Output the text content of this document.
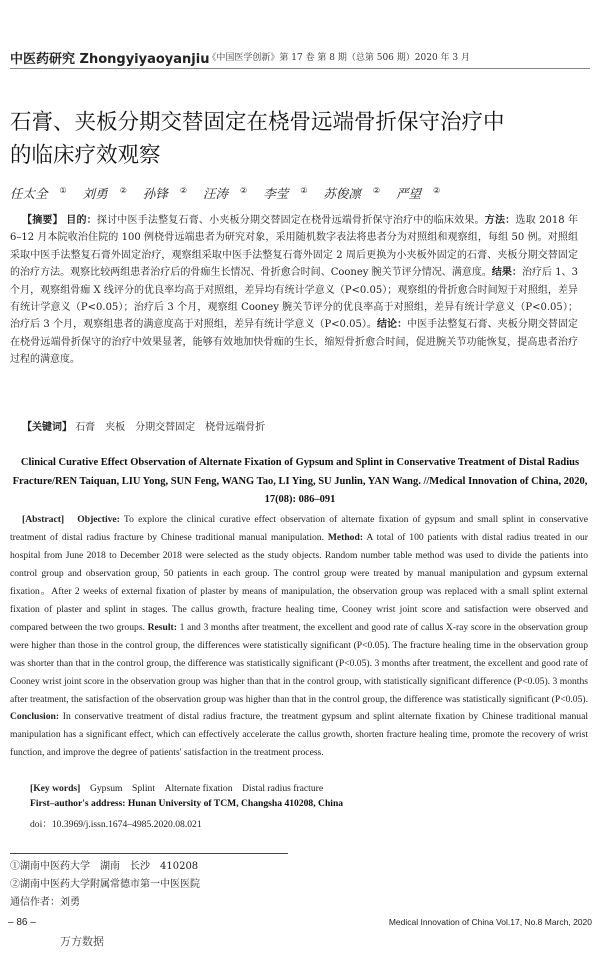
中医药研究 Zhongyiyaoyanjiu
《中国医学创新》第 17 卷 第 8 期（总第 506 期）2020 年 3 月
石膏、夹板分期交替固定在桡骨远端骨折保守治疗中的临床疗效观察
任太全 ① 刘勇 ② 孙锋 ② 汪涛 ② 李莹 ② 苏俊凛 ② 严望 ②
【摘要】 目的：探讨中医手法整复石膏、小夹板分期交替固定在桡骨远端骨折保守治疗中的临床效果。方法：选取 2018 年 6–12 月本院收治住院的 100 例桡骨远端患者为研究对象，采用随机数字表法将患者分为对照组和观察组，每组 50 例。对照组采取中医手法整复石膏外固定治疗，观察组采取中医手法整复石膏外固定 2 周后更换为小夹板外固定的石膏、夹板分期交替固定的治疗方法。观察比较两组患者治疗后的骨痂生长情况、骨折愈合时间、Cooney 腕关节评分情况、满意度。结果：治疗后 1、3 个月，观察组骨痂 X 线评分的优良率均高于对照组，差异均有统计学意义（P<0.05）；观察组的骨折愈合时间短于对照组，差异有统计学意义（P<0.05）；治疗后 3 个月，观察组 Cooney 腕关节评分的优良率高于对照组，差异有统计学意义（P<0.05）；治疗后 3 个月，观察组患者的满意度高于对照组，差异有统计学意义（P<0.05）。结论：中医手法整复石膏、夹板分期交替固定在桡骨远端骨折保守的治疗中效果显著，能够有效地加快骨痂的生长，缩短骨折愈合时间，促进腕关节功能恢复，提高患者治疗过程的满意度。
【关键词】 石膏　夹板　分期交替固定　桡骨远端骨折
Clinical Curative Effect Observation of Alternate Fixation of Gypsum and Splint in Conservative Treatment of Distal Radius Fracture/REN Taiquan, LIU Yong, SUN Feng, WANG Tao, LI Ying, SU Junlin, YAN Wang. //Medical Innovation of China, 2020, 17(08): 086–091
[Abstract]　 Objective: To explore the clinical curative effect observation of alternate fixation of gypsum and small splint in conservative treatment of distal radius fracture by Chinese traditional manual manipulation. Method: A total of 100 patients with distal radius treated in our hospital from June 2018 to December 2018 were selected as the study objects. Random number table method was used to divide the patients into control group and observation group, 50 patients in each group. The control group were treated by manual manipulation and gypsum external fixation。After 2 weeks of external fixation of plaster by means of manipulation, the observation group was replaced with a small splint external fixation of plaster and splint in stages. The callus growth, fracture healing time, Cooney wrist joint score and satisfaction were observed and compared between the two groups. Result: 1 and 3 months after treatment, the excellent and good rate of callus X-ray score in the observation group were higher than those in the control group, the differences were statistically significant (P<0.05). The fracture healing time in the observation group was shorter than that in the control group, the difference was statistically significant (P<0.05). 3 months after treatment, the excellent and good rate of Cooney wrist joint score in the observation group was higher than that in the control group, with statistically significant difference (P<0.05). 3 months after treatment, the satisfaction of the observation group was higher than that in the control group, the difference was statistically significant (P<0.05). Conclusion: In conservative treatment of distal radius fracture, the treatment gypsum and splint alternate fixation by Chinese traditional manual manipulation has a significant effect, which can effectively accelerate the callus growth, shorten fracture healing time, promote the recovery of wrist function, and improve the degree of patients' satisfaction in the treatment process.
[Key words]　 Gypsum　Splint　Alternate fixation　Distal radius fracture
First–author's address: Hunan University of TCM, Changsha 410208, China
doi：10.3969/j.issn.1674–4985.2020.08.021
①湖南中医药大学　湖南　长沙　410208
②湖南中医药大学附属常德市第一中医医院
通信作者：刘勇
– 86 –	Medical Innovation of China Vol.17, No.8 March, 2020
万方数据
